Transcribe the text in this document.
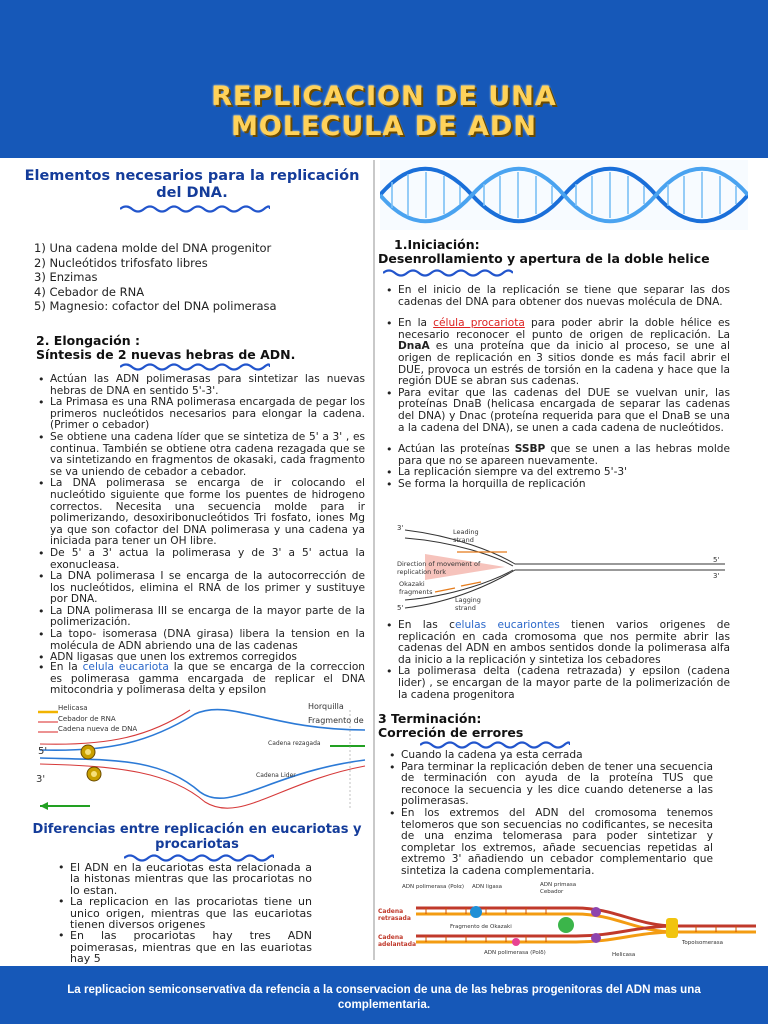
REPLICACION DE UNA
MOLECULA DE ADN
Elementos necesarios para la replicación del DNA.
1) Una cadena molde del DNA progenitor
2) Nucleótidos trifosfato libres
3) Enzimas
4) Cebador de RNA
5) Magnesio: cofactor del DNA polimerasa
2. Elongación :
Síntesis de 2 nuevas hebras de ADN.
• Actúan las ADN polimerasas para sintetizar las nuevas hebras de DNA en sentido 5'-3'.
• La Primasa es una RNA polimerasa encargada de pegar los primeros nucleótidos necesarios para elongar la cadena. (Primer o cebador)
• Se obtiene una cadena líder que se sintetiza de 5' a 3' , es continua. También se obtiene otra cadena rezagada que se va sintetizando en fragmentos de okasaki, cada fragmento se va uniendo de cebador a cebador.
• La DNA polimerasa se encarga de ir colocando el nucleótido siguiente que forme los puentes de hidrogeno correctos. Necesita una secuencia molde para ir polimerizando, desoxiribonucleótidos Tri fosfato, iones Mg ya que son cofactor del DNA polimerasa y una cadena ya iniciada para tener un OH libre.
• De 5' a 3' actua la polimerasa y de 3' a 5' actua la exonucleasa.
• La DNA polimerasa I se encarga de la autocorrección de los nucleótidos, elimina el RNA de los primer y sustituye por DNA.
• La DNA polimerasa III se encarga de la mayor parte de la polimerización.
• La topo- isomerasa (DNA girasa) libera la tension en la molécula de ADN abriendo una de las cadenas
• ADN ligasas que unen los extremos corregidos
• En la celula eucariota la que se encarga de la correccion es polimerasa gamma encargada de replicar el DNA mitocondria y polimerasa delta y epsilon
Helicasa
Cebador de RNA
Cadena nueva de DNA
Horquilla
Fragmento de
Cadena rezagada
Cadena Lider
5'
3'
Diferencias entre replicación en eucariotas y procariotas
• El ADN en la eucariotas esta relacionada a la histonas mientras que las procariotas no lo estan.
• La replicacion en las procariotas tiene un unico origen, mientras que las eucariotas tienen diversos origenes
• En las procariotas hay tres ADN poimerasas, mientras que en las euariotas hay 5
1.Iniciación:
Desenrollamiento y apertura de la doble helice
• En el inicio de la replicación se tiene que separar las dos cadenas del DNA para obtener dos nuevas molécula de DNA.
• En la célula procariota para poder abrir la doble hélice es necesario reconocer el punto de origen de replicación. La DnaA es una proteína que da inicio al proceso, se une al origen de replicación en 3 sitios donde es más facil abrir el DUE, provoca un estrés de torsión en la cadena y hace que la región DUE se abran sus cadenas.
• Para evitar que las cadenas del DUE se vuelvan unir, las proteínas DnaB (helicasa encargada de separar las cadenas del DNA) y Dnac (proteína requerida para que el DnaB se una a la cadena del DNA), se unen a cada cadena de nucleótidos.
• Actúan las proteínas SSBP que se unen a las hebras molde para que no se apareen nuevamente.
• La replicación siempre va del extremo 5'-3'
• Se forma la horquilla de replicación
Leading strand
Direction of movement of replication fork
Okazaki fragments
Lagging strand
3'
5'
5'
3'
• En las celulas eucariontes tienen varios origenes de replicación en cada cromosoma que nos permite abrir las cadenas del ADN en ambos sentidos donde la polimerasa alfa da inicio a la replicación y sintetiza los cebadores
• La polimerasa delta (cadena retrazada) y epsilon (cadena lider) , se encargan de la mayor parte de la polimerización de la cadena progenitora
3 Terminación:
Correción de errores
• Cuando la cadena ya esta cerrada
• Para terminar la replicación deben de tener una secuencia de terminación con ayuda de la proteína TUS que reconoce la secuencia y les dice cuando detenerse a las polimerasas.
• En los extremos del ADN del cromosoma tenemos telomeros que son secuencias no codificantes, se necesita de una enzima telomerasa para poder sintetizar y completar los extremos, añade secuencias repetidas al extremo 3' añadiendo un cebador complementario que sintetiza la cadena complementaria.
ADN polimerasa (Polα) ADN ligasa	ADN primasa
Cebador
Cadena retrasada
Cadena adelantada
Fragmento de Okazaki
ADN polimerasa (Polδ)	Helicasa
Topoisomerasa
La replicacion semiconservativa da refencia a la conservacion de una de las hebras progenitoras del ADN mas una complementaria.
